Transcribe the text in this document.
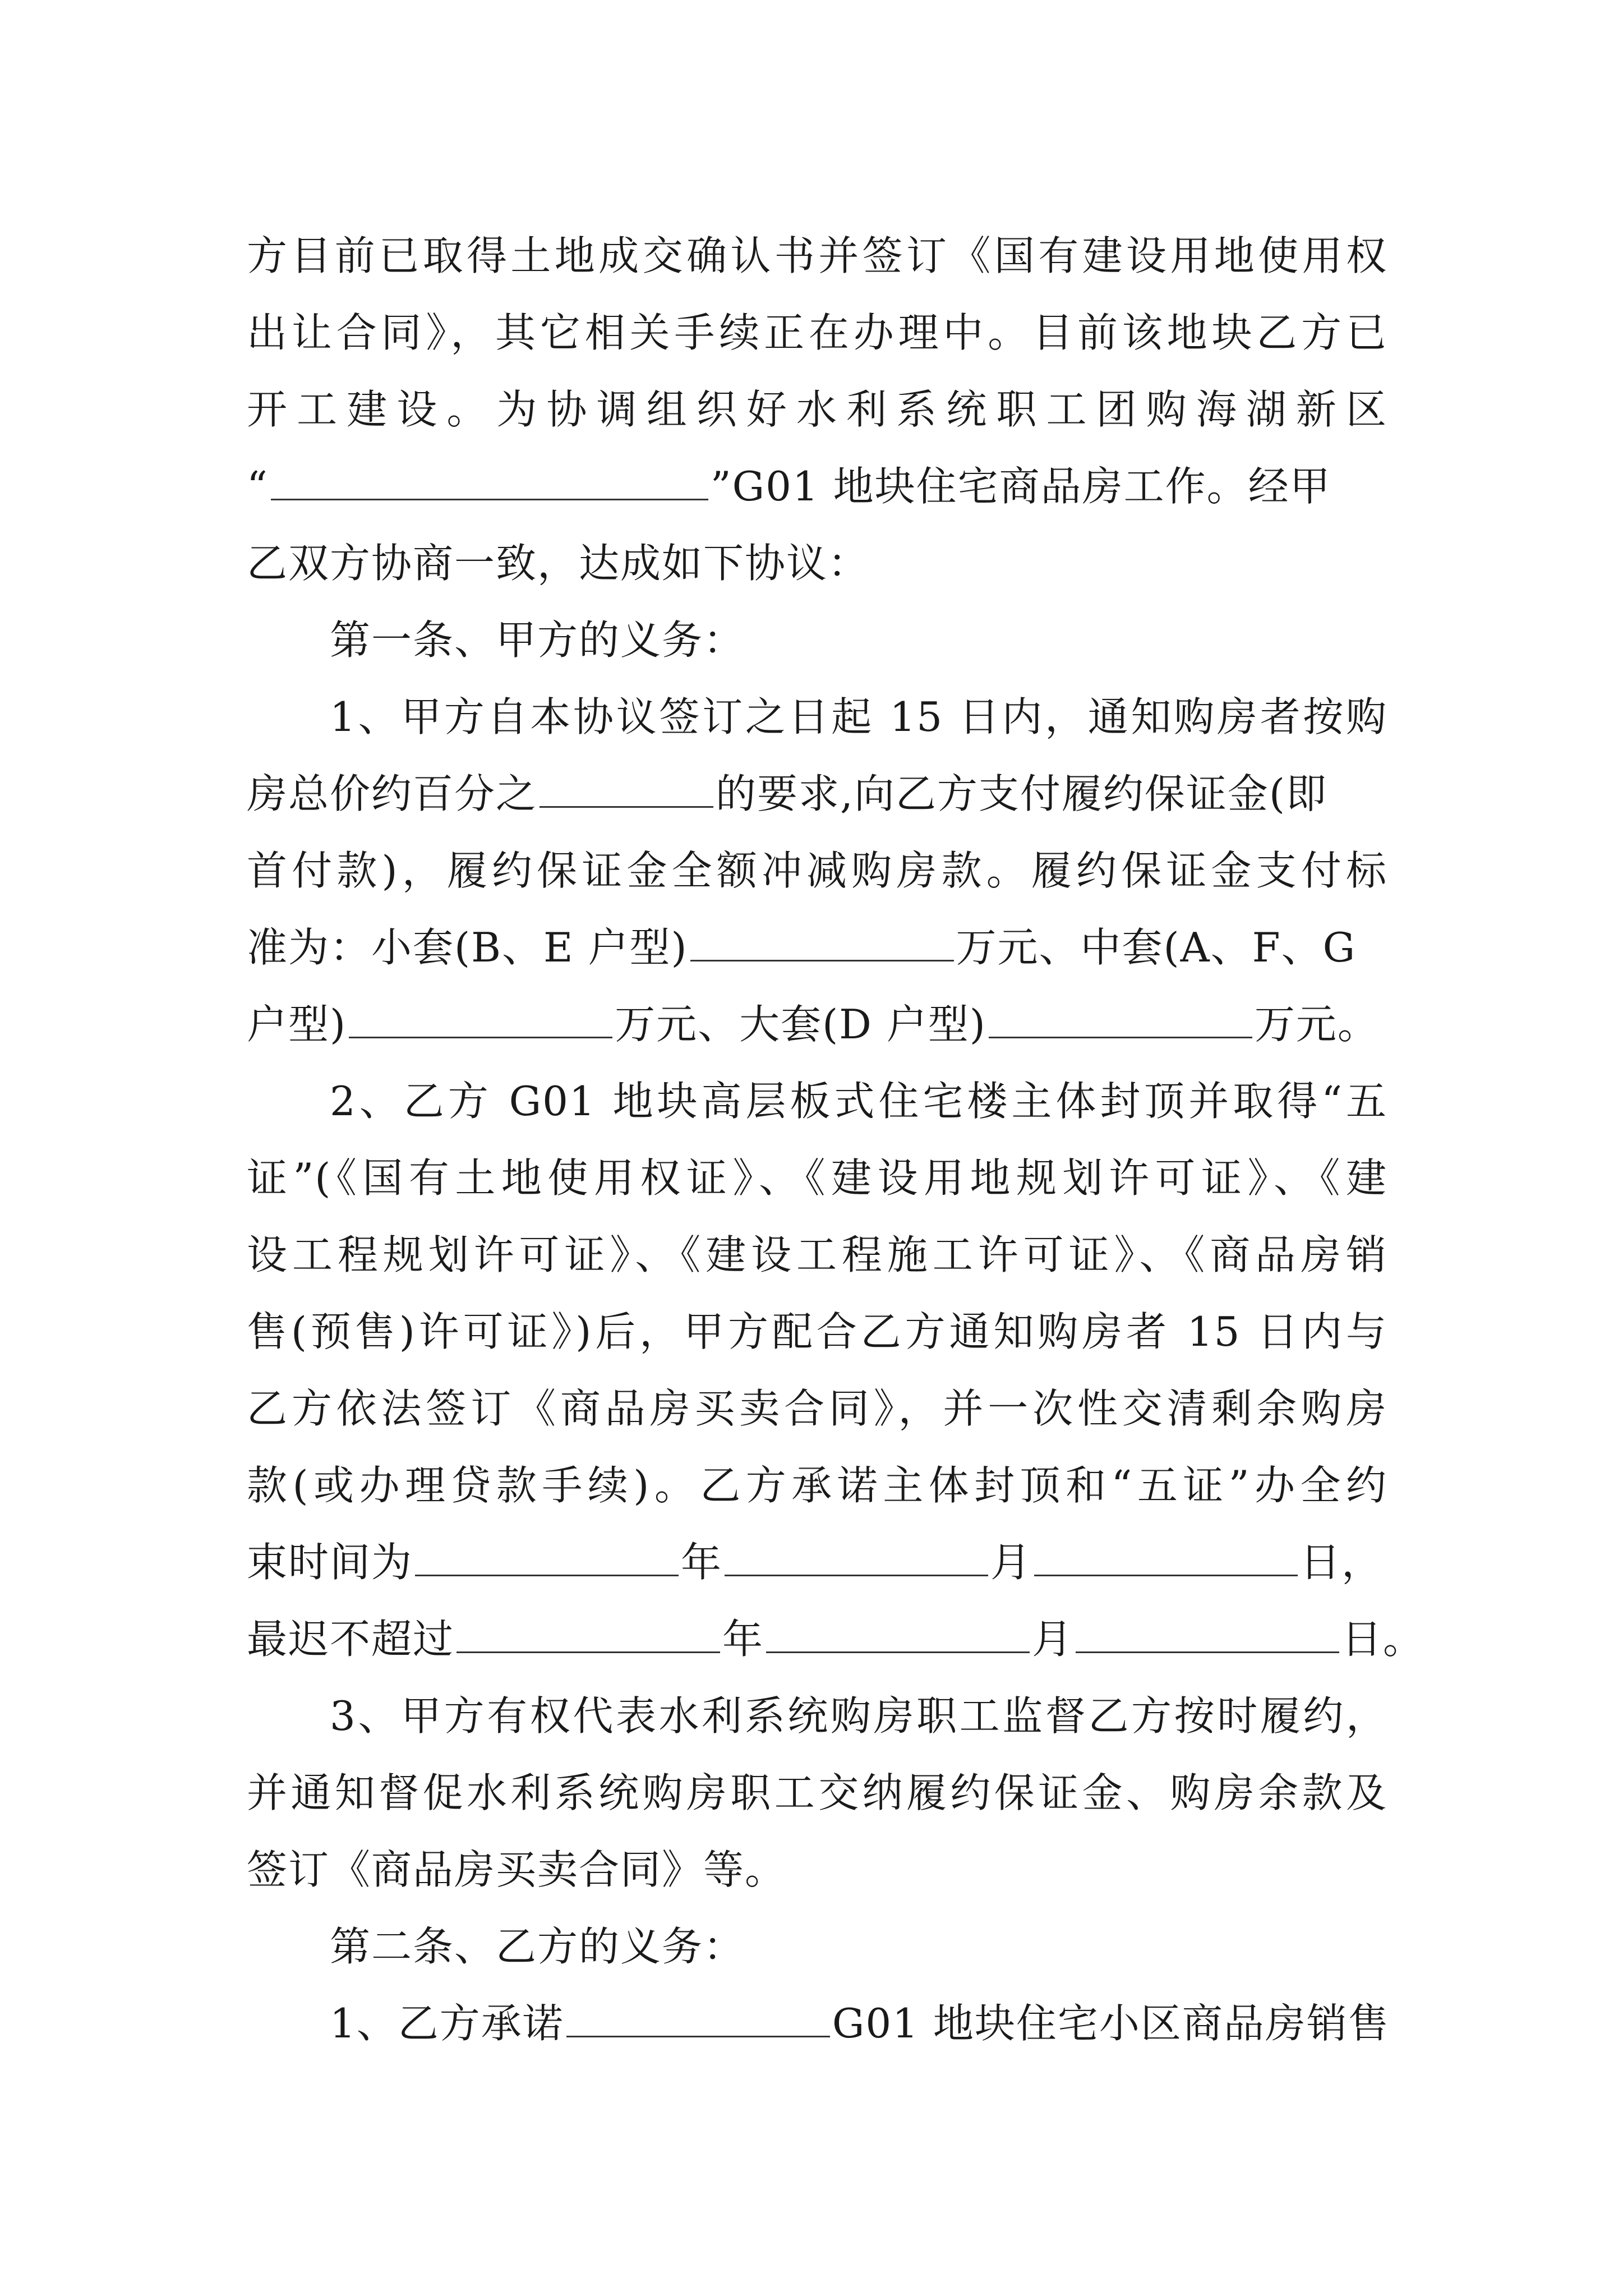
方目前已取得土地成交确认书并签订《国有建设用地使用权
出让合同》，其它相关手续正在办理中。目前该地块乙方已
开工建设。为协调组织好水利系统职工团购海湖新区
“	”G01 地块住宅商品房工作。经甲
乙双方协商一致，达成如下协议：
第一条、甲方的义务：
1、甲方自本协议签订之日起 15 日内，通知购房者按购
房总价约百分之	的要求,向乙方支付履约保证金(即
首付款)，履约保证金全额冲减购房款。履约保证金支付标
准为：小套(B、E 户型)	万元、中套(A、F、G
户型)	万元、大套(D 户型)	万元。
2、乙方 G01 地块高层板式住宅楼主体封顶并取得“五
证”(《国有土地使用权证》、《建设用地规划许可证》、《建
设工程规划许可证》、《建设工程施工许可证》、《商品房销
售(预售)许可证》)后，甲方配合乙方通知购房者 15 日内与
乙方依法签订《商品房买卖合同》，并一次性交清剩余购房
款(或办理贷款手续)。乙方承诺主体封顶和“五证”办全约
束时间为	年	月	日，
最迟不超过	年	月	日。
3、甲方有权代表水利系统购房职工监督乙方按时履约，
并通知督促水利系统购房职工交纳履约保证金、购房余款及
签订《商品房买卖合同》等。
第二条、乙方的义务：
1、乙方承诺	G01 地块住宅小区商品房销售
